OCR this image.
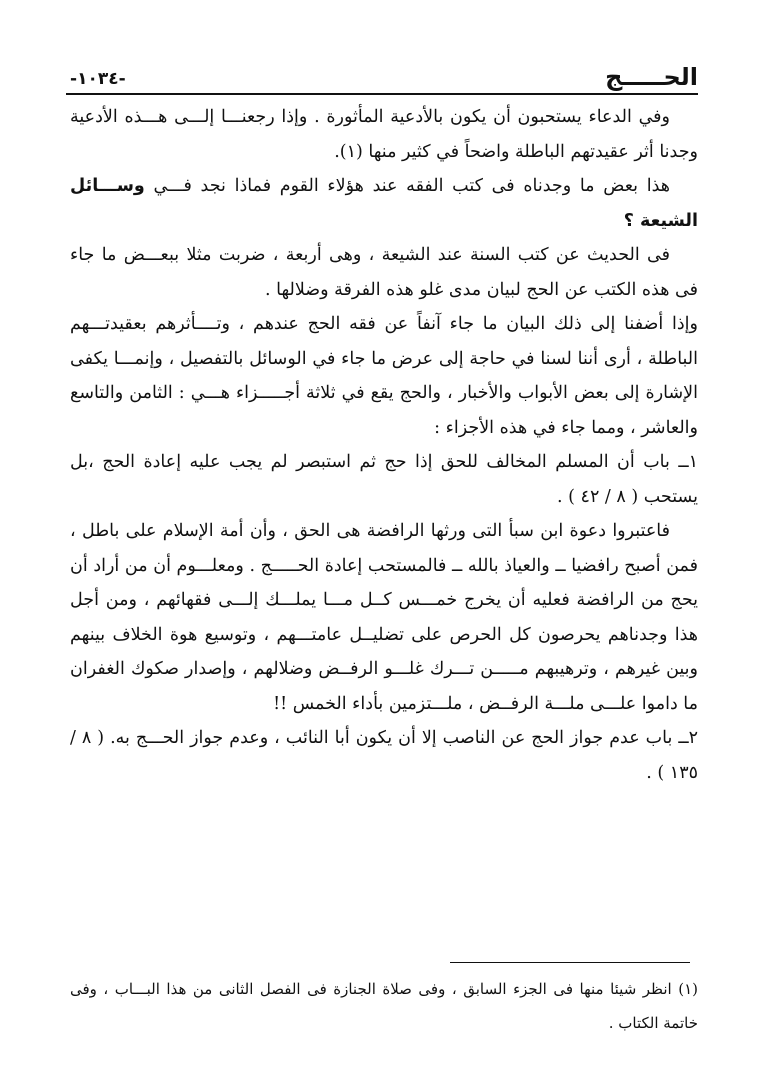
الحـــــج
-١٠٣٤-

وفي الدعاء يستحبون أن يكون بالأدعية المأثورة . وإذا رجعنـــا إلـــى هـــذه الأدعية وجدنا أثر عقيدتهم الباطلة واضحاً في كثير منها (١).

هذا بعض ما وجدناه فى كتب الفقه عند هؤلاء القوم فماذا نجد فـــي وســـائل الشيعة ؟

فى الحديث عن كتب السنة عند الشيعة ، وهى أربعة ، ضربت مثلا ببعـــض ما جاء فى هذه الكتب عن الحج لبيان مدى غلو هذه الفرقة وضلالها .

وإذا أضفنا إلى ذلك البيان ما جاء آنفاً عن فقه الحج عندهم ، وتــــأثرهم بعقيدتـــهم الباطلة ، أرى أننا لسنا في حاجة إلى عرض ما جاء في الوسائل بالتفصيل ، وإنمـــا يكفى الإشارة إلى بعض الأبواب والأخبار ، والحج يقع في ثلاثة أجـــــزاء هـــي : الثامن والتاسع والعاشر ، ومما جاء في هذه الأجزاء :

١ــ باب أن المسلم المخالف للحق إذا حج ثم استبصر لم يجب عليه إعادة الحج ،بل يستحب ( ٨ / ٤٢ ) .

فاعتبروا دعوة ابن سبأ التى ورثها الرافضة هى الحق ، وأن أمة الإسلام على باطل ، فمن أصبح رافضيا ــ والعياذ بالله ــ فالمستحب إعادة الحـــــج . ومعلـــوم أن من أراد أن يحج من الرافضة فعليه أن يخرج خمـــس كــل مـــا يملـــك إلـــى فقهائهم ، ومن أجل هذا وجدناهم يحرصون كل الحرص على تضليــل عامتـــهم ، وتوسيع هوة الخلاف بينهم وبين غيرهم ، وترهيبهم مـــــن تـــرك غلـــو الرفــض وضلالهم ، وإصدار صكوك الغفران ما داموا علـــى ملـــة الرفــض ، ملـــتزمين بأداء الخمس !!

٢ــ باب عدم جواز الحج عن الناصب إلا أن يكون أبا النائب ، وعدم جواز الحـــج به. ( ٨ / ١٣٥ ) .

(١) انظر شيئا منها فى الجزء السابق ، وفى صلاة الجنازة فى الفصل الثانى من هذا البـــاب ، وفى خاتمة الكتاب .
